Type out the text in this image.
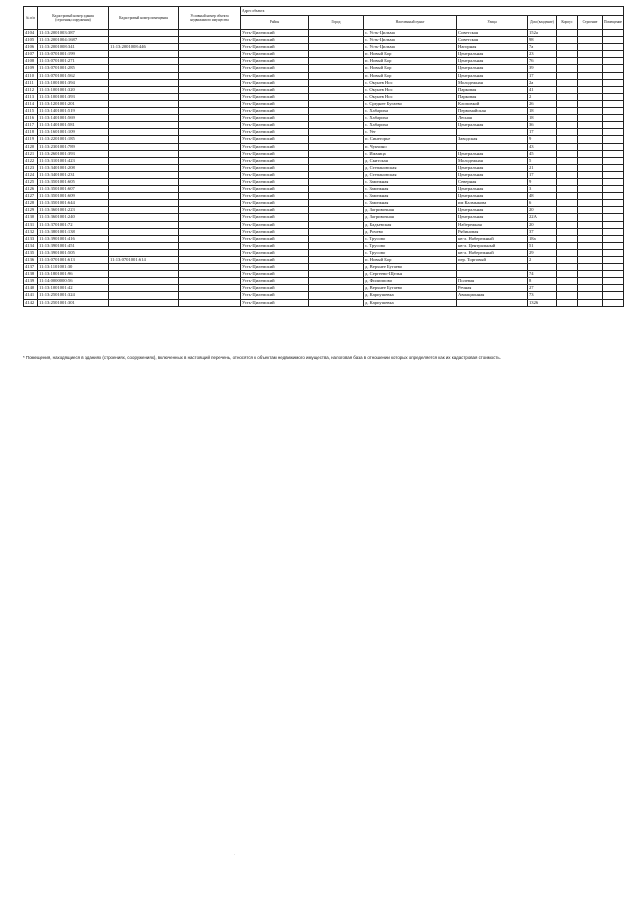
№ п/п	Кадастровый номер здания (строения,сооружения)	Кадастровый номер помещения	Условный номер объекта недвижимого имущества	Адрес объекта							
				Район	Город	Населенный пункт	Улица	Дом (владение)	Корпус	Строение	Помещение
4104	11:13:2001003:387			Усть-Цилемский		с. Усть-Цильма	Советская	152а			
4105	11:13:2001004:1687			Усть-Цилемский		с. Усть-Цильма	Советская	98			
4106	11:13:2001008:341	11:13:2001008:446		Усть-Цилемский		с. Усть-Цильма	Нагорная	7а			
4107	11:13:0701001:199			Усть-Цилемский		п. Новый Бор	Центральная	23			
4108	11:13:0701001:271			Усть-Цилемский		п. Новый Бор	Центральная	76			
4109	11:13:0701001:285			Усть-Цилемский		п. Новый Бор	Центральная	39			
4110	11:13:0701001:562			Усть-Цилемский		п. Новый Бор	Центральная	17			
4111	11:13:1001001:394			Усть-Цилемский		с. Окунев Нос	Молодежная	2а			
4112	11:13:1001001:320			Усть-Цилемский		с. Окунев Нос	Парковая	41			
4113	11:13:1001001:393			Усть-Цилемский		с. Окунев Нос	Парковая	2			
4114	11:13:1201001:201			Усть-Цилемский		с. Среднее Бугаево	Клоповкой	26			
4115	11:13:1401001:519			Усть-Цилемский		с. Хабариха	Первомайская	18			
4116	11:13:1401001:569			Усть-Цилемский		с. Хабариха	Лесная	18			
4117	11:13:1401001:581			Усть-Цилемский		с. Хабариха	Центральная	36			
4118	11:13:1601001:109			Усть-Цилемский		с. Уег		17			
4119	11:13:2201001:185			Усть-Цилемский		п. Синегорье	Заводская	9			
4120	11:13:2301001:789			Усть-Цилемский		п. Чукчино		43			
4121	11:13:2601001:393			Усть-Цилемский		с. Ижмица	Центральная	45			
4122	11:13:3101001:423			Усть-Цилемский		д. Скитская	Молодежная	5			
4123	11:13:3401001:208			Усть-Цилемский		д. Степановская	Центральная	21			
4124	11:13:3401001:231			Усть-Цилемский		д. Степановская	Центральная	17			
4125	11:13:3501001:605			Усть-Цилемский		с. Замежная	Северная	9			
4126	11:13:3501001:607			Усть-Цилемский		с. Замежная	Центральная	3			
4127	11:13:3501001:609			Усть-Цилемский		с. Замежная	Центральная	48			
4128	11:13:3501001:644			Усть-Цилемский		с. Замежная	им Калмыкова	6			
4129	11:13:3601001:223			Усть-Цилемский		д. Загривочная	Центральная	20			
4130	11:13:3601001:240			Усть-Цилемский		д. Загривочная	Центральная	22А			
4131	11:13:3701001:72			Усть-Цилемский		д. Бадьевская	Набережная	20			
4132	11:13:3801001:138			Усть-Цилемский		д. Рочево	Рябиновая	37			
4133	11:13:3901001:416			Усть-Цилемский		с. Трусово	кв-л. Набережный	18а			
4134	11:13:3901001:451			Усть-Цилемский		с. Трусово	кв-л. Центральный	51			
4135	11:13:3901001:505			Усть-Цилемский		с. Трусово	кв-л. Набережный	29			
4136	11:13:0701001:613	11:13:0701001:614		Усть-Цилемский		п. Новый Бор	пер. Торговый	2			
4137	11:13:1101001:30			Усть-Цилемский		д. Верхнее Бугаево					
4138	11:13:1801001:96			Усть-Цилемский		д. Сергеево-Щелья		74			
4139	11:14:0000000:56			Усть-Цилемский		д. Филиппово	Полевая	8			
4140	11:13:1001001:42			Усть-Цилемский		д. Верхнее Бугаево	Речная	27			
4141	11:13:2501001:324			Усть-Цилемский		д. Карпушевка	Авиационная	73			
4142	11:13:2501001:301			Усть-Цилемский		д. Карпушевка		1326			
* Помещения, находящиеся в зданиях (строениях, сооружениях), включенных в настоящий перечень, относятся к объектам недвижимого имущества, налоговая база в отношении которых определяется как их кадастровая стоимость.
.
